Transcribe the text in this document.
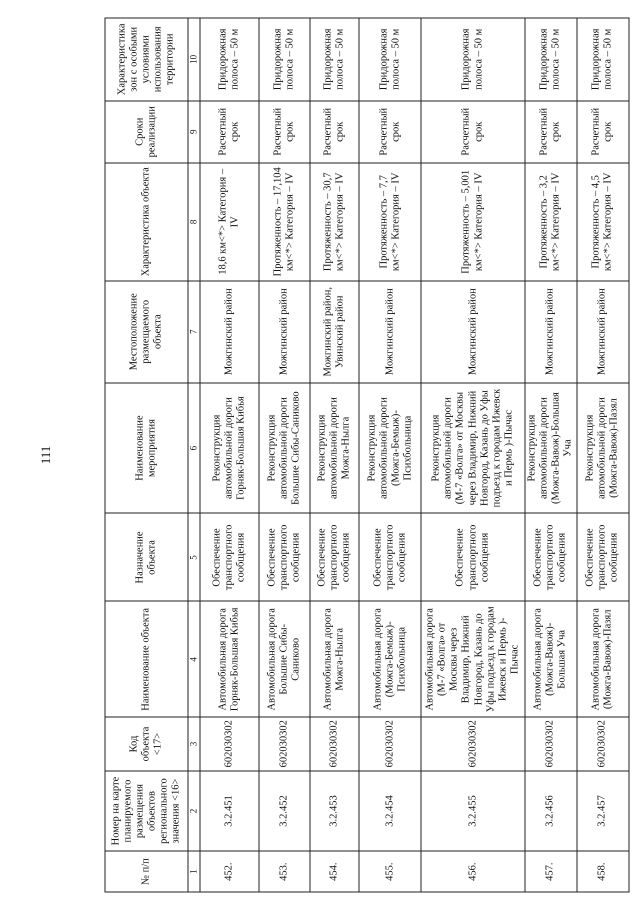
111
№ п/п	Номер на карте планируемого размещения объектов регионального значения <16>	Код объекта <17>	Наименование объекта	Назначение объекта	Наименование мероприятия	Местоположение размещаемого объекта	Характеристика объекта	Сроки реализации	Характеристика зон с особыми условиями использования территории
1	2	3	4	5	6	7	8	9	10
452.	3.2.451	602030302	Автомобильная дорога Горняк-Большая Кибья	Обеспечение транспортного сообщения	Реконструкция автомобильной дороги Горняк-Большая Кибья	Можгинский район	18,6 км<*> Категория – IV	Расчетный срок	Придорожная полоса – 50 м
453.	3.2.452	602030302	Автомобильная дорога Большие Сибы-Саниково	Обеспечение транспортного сообщения	Реконструкция автомобильной дороги Большие Сибы-Саниково	Можгинский район	Протяженность – 17,104 км<*> Категория – IV	Расчетный срок	Придорожная полоса – 50 м
454.	3.2.453	602030302	Автомобильная дорога Можга-Нылга	Обеспечение транспортного сообщения	Реконструкция автомобильной дороги Можга-Нылга	Можгинский район, Увинский район	Протяженность – 30,7 км<*> Категория – IV	Расчетный срок	Придорожная полоса – 50 м
455.	3.2.454	602030302	Автомобильная дорога (Можга-Бемыж)-Психбольница	Обеспечение транспортного сообщения	Реконструкция автомобильной дороги (Можга-Бемыж)-Психбольница	Можгинский район	Протяженность – 7,7 км<*> Категория – IV	Расчетный срок	Придорожная полоса – 50 м
456.	3.2.455	602030302	Автомобильная дорога (М-7 «Волга» от Москвы через Владимир, Нижний Новгород, Казань до Уфы подъезд к городам Ижевск и Пермь )-Пычас	Обеспечение транспортного сообщения	Реконструкция автомобильной дороги (М-7 «Волга» от Москвы через Владимир, Нижний Новгород, Казань до Уфы подъезд к городам Ижевск и Пермь )-Пычас	Можгинский район	Протяженность – 5,001 км<*> Категория – IV	Расчетный срок	Придорожная полоса – 50 м
457.	3.2.456	602030302	Автомобильная дорога (Можга-Вавож)-Большая Уча	Обеспечение транспортного сообщения	Реконструкция автомобильной дороги (Можга-Вавож)-Большая Уча	Можгинский район	Протяженность – 3,2 км<*> Категория – IV	Расчетный срок	Придорожная полоса – 50 м
458.	3.2.457	602030302	Автомобильная дорога (Можга-Вавож)-Пазял	Обеспечение транспортного сообщения	Реконструкция автомобильной дороги (Можга-Вавож)-Пазял	Можгинский район	Протяженность – 4,5 км<*> Категория – IV	Расчетный срок	Придорожная полоса – 50 м
